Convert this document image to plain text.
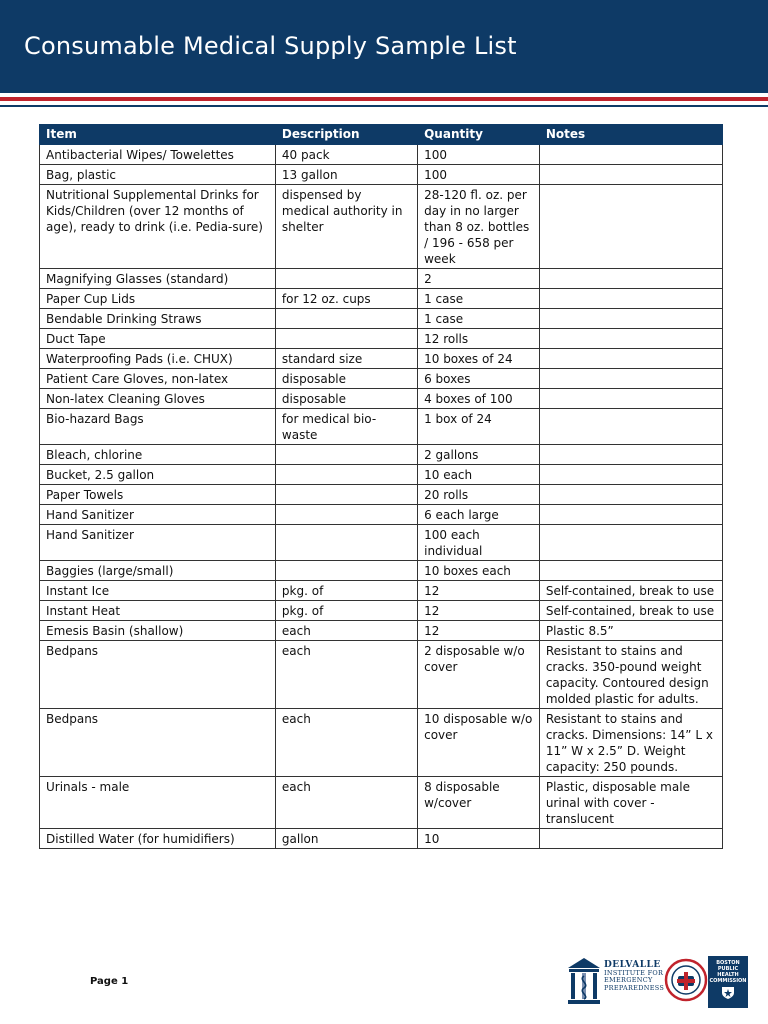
Consumable Medical Supply Sample List
Item	Description	Quantity	Notes
Antibacterial Wipes/ Towelettes	40 pack	100	
Bag, plastic	13 gallon	100	
Nutritional Supplemental Drinks for Kids/Children (over 12 months of age), ready to drink (i.e. Pedia-sure)	dispensed by medical authority in shelter	28-120 fl. oz. per day in no larger than 8 oz. bottles / 196 - 658 per week	
Magnifying Glasses (standard)		2	
Paper Cup Lids	for 12 oz. cups	1 case	
Bendable Drinking Straws		1 case	
Duct Tape		12 rolls	
Waterproofing Pads (i.e. CHUX)	standard size	10 boxes of 24	
Patient Care Gloves, non-latex	disposable	6 boxes	
Non-latex Cleaning Gloves	disposable	4 boxes of 100	
Bio-hazard Bags	for medical bio-waste	1 box of 24	
Bleach, chlorine		2 gallons	
Bucket, 2.5 gallon		10 each	
Paper Towels		20 rolls	
Hand Sanitizer		6 each large	
Hand Sanitizer		100 each individual	
Baggies (large/small)		10 boxes each	
Instant Ice	pkg. of	12	Self-contained, break to use
Instant Heat	pkg. of	12	Self-contained, break to use
Emesis Basin (shallow)	each	12	Plastic 8.5”
Bedpans	each	2 disposable w/o cover	Resistant to stains and cracks. 350-pound weight capacity. Contoured design molded plastic for adults.
Bedpans	each	10 disposable w/o cover	Resistant to stains and cracks. Dimensions: 14” L x 11” W x 2.5” D. Weight capacity: 250 pounds.
Urinals - male	each	8 disposable w/cover	Plastic, disposable male urinal with cover - translucent
Distilled Water (for humidifiers)	gallon	10	
Page 1
DELVALLE
INSTITUTE FOR
EMERGENCY
PREPAREDNESS
BOSTON
PUBLIC
HEALTH
COMMISSION
